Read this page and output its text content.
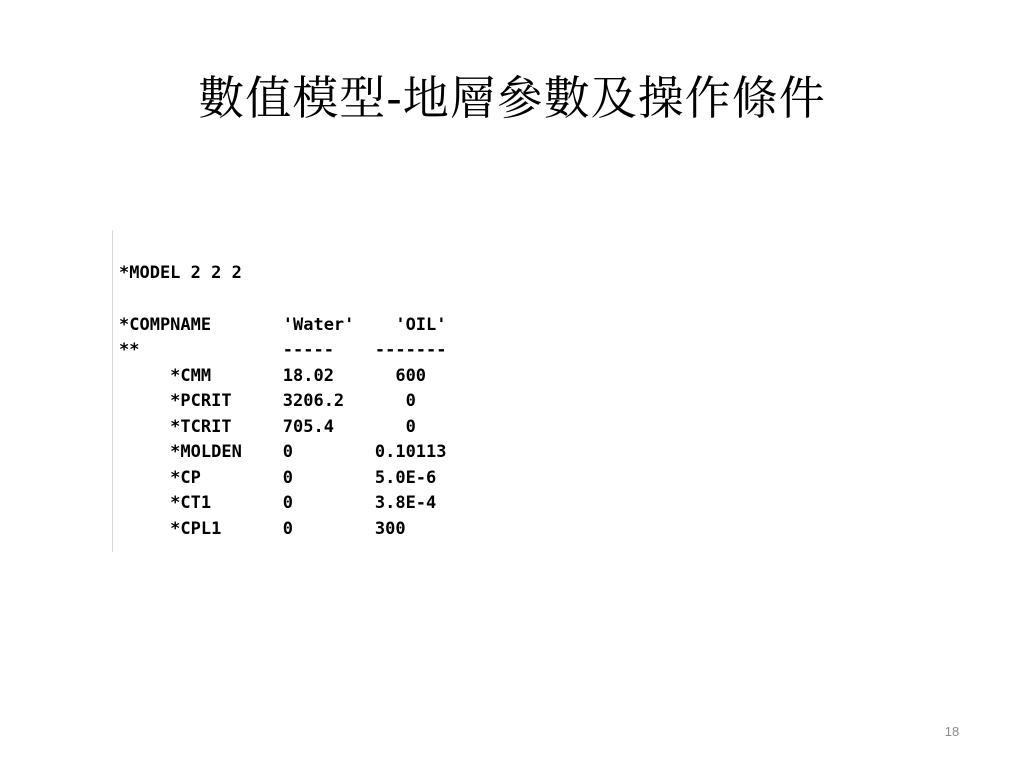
數值模型-地層參數及操作條件
*MODEL 2 2 2
*COMPNAME       'Water'    'OIL'
**              -----    -------
*CMM       18.02      600
*PCRIT     3206.2      0
*TCRIT     705.4       0
*MOLDEN    0        0.10113
*CP        0        5.0E-6
*CT1       0        3.8E-4
*CPL1      0        300
18
